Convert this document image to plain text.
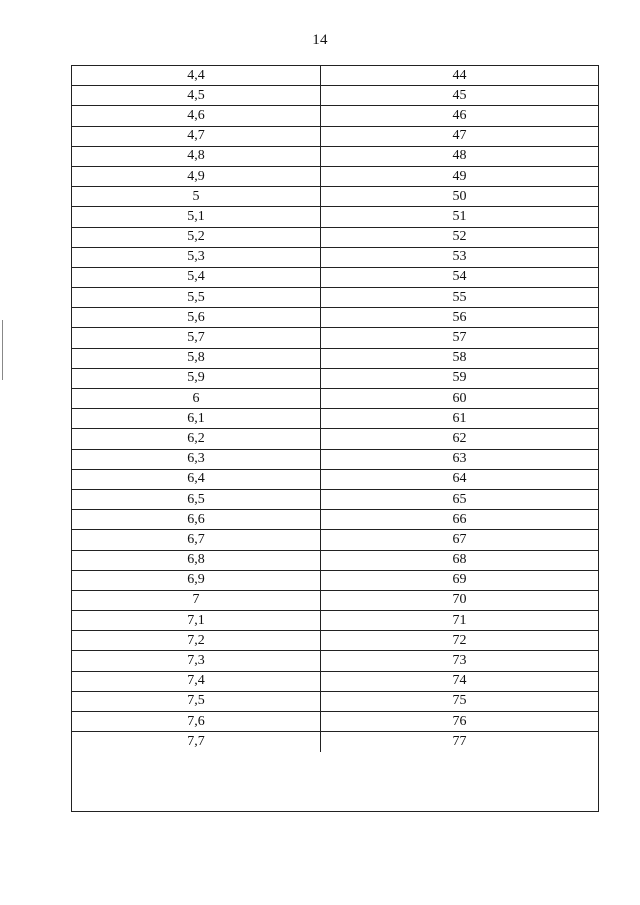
14
4,4	44
4,5	45
4,6	46
4,7	47
4,8	48
4,9	49
5	50
5,1	51
5,2	52
5,3	53
5,4	54
5,5	55
5,6	56
5,7	57
5,8	58
5,9	59
6	60
6,1	61
6,2	62
6,3	63
6,4	64
6,5	65
6,6	66
6,7	67
6,8	68
6,9	69
7	70
7,1	71
7,2	72
7,3	73
7,4	74
7,5	75
7,6	76
7,7	77
